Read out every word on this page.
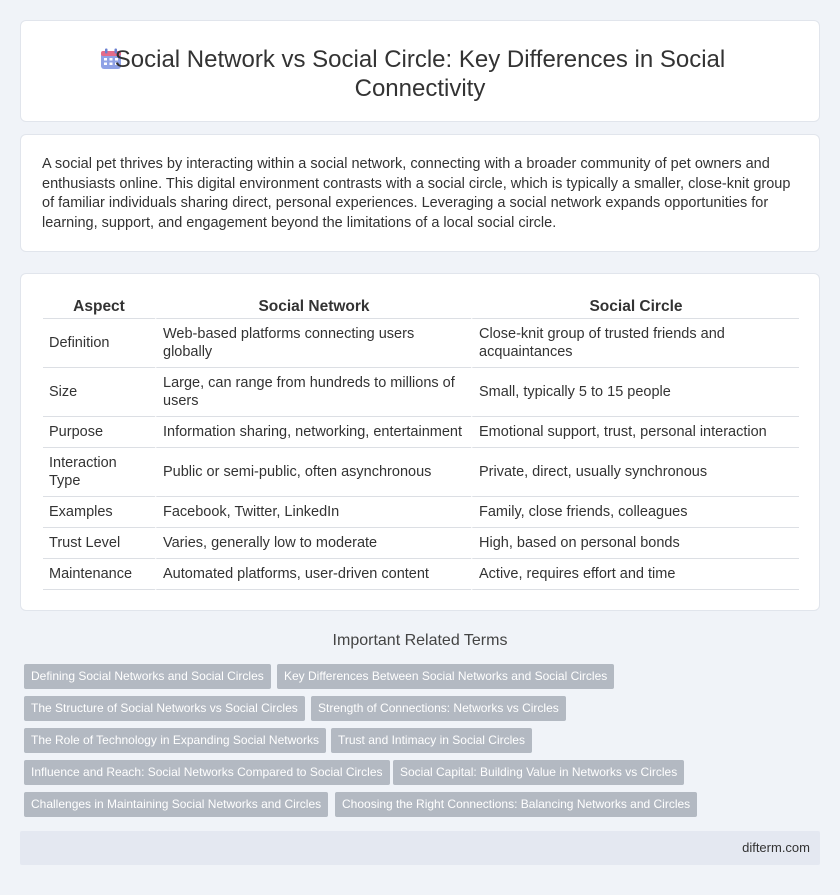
Social Network vs Social Circle: Key Differences in Social Connectivity

A social pet thrives by interacting within a social network, connecting with a broader community of pet owners and enthusiasts online. This digital environment contrasts with a social circle, which is typically a smaller, close-knit group of familiar individuals sharing direct, personal experiences. Leveraging a social network expands opportunities for learning, support, and engagement beyond the limitations of a local social circle.

Aspect	Social Network	Social Circle
Definition	Web-based platforms connecting users globally	Close-knit group of trusted friends and acquaintances
Size	Large, can range from hundreds to millions of users	Small, typically 5 to 15 people
Purpose	Information sharing, networking, entertainment	Emotional support, trust, personal interaction
Interaction Type	Public or semi-public, often asynchronous	Private, direct, usually synchronous
Examples	Facebook, Twitter, LinkedIn	Family, close friends, colleagues
Trust Level	Varies, generally low to moderate	High, based on personal bonds
Maintenance	Automated platforms, user-driven content	Active, requires effort and time
Important Related Terms
Defining Social Networks and Social Circles	Key Differences Between Social Networks and Social Circles
The Structure of Social Networks vs Social Circles	Strength of Connections: Networks vs Circles
The Role of Technology in Expanding Social Networks	Trust and Intimacy in Social Circles
Influence and Reach: Social Networks Compared to Social Circles	Social Capital: Building Value in Networks vs Circles
Challenges in Maintaining Social Networks and Circles	Choosing the Right Connections: Balancing Networks and Circles
difterm.com
